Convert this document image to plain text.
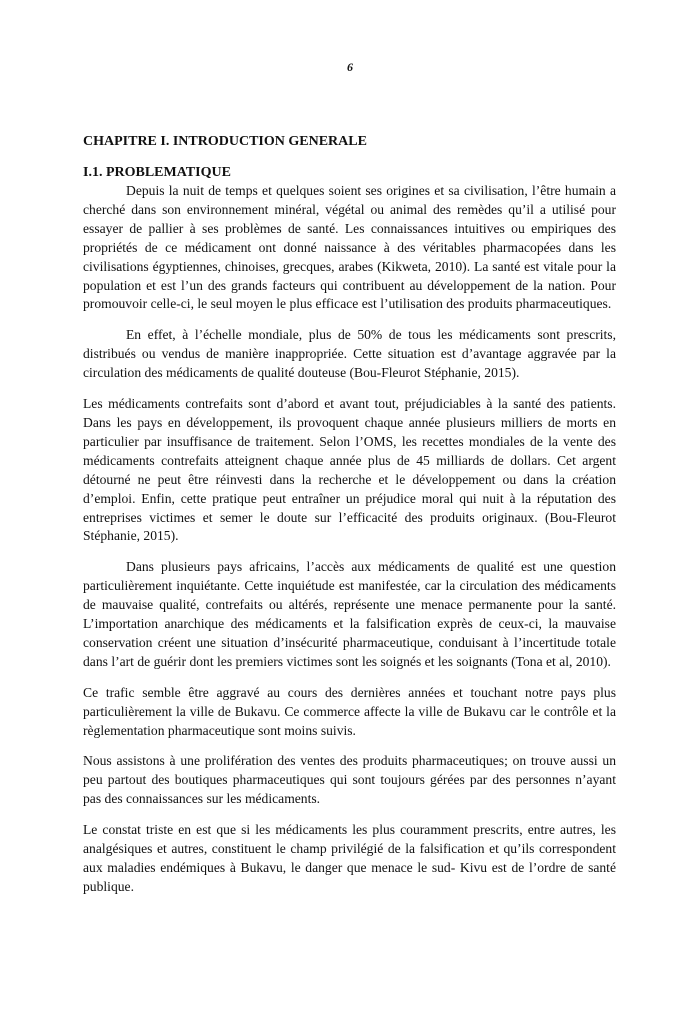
6
CHAPITRE I. INTRODUCTION GENERALE
I.1. PROBLEMATIQUE

Depuis la nuit de temps et quelques soient ses origines et sa civilisation, l’être humain a cherché dans son environnement minéral, végétal ou animal des remèdes qu’il a utilisé pour essayer de pallier à ses problèmes de santé. Les connaissances intuitives ou empiriques des propriétés de ce médicament ont donné naissance à des véritables pharmacopées dans les civilisations égyptiennes, chinoises, grecques, arabes (Kikweta, 2010). La santé est vitale pour la population et est l’un des grands facteurs qui contribuent au développement de la nation. Pour promouvoir celle-ci, le seul moyen le plus efficace est l’utilisation des produits pharmaceutiques.

En effet, à l’échelle mondiale, plus de 50% de tous les médicaments sont prescrits, distribués ou vendus de manière inappropriée. Cette situation est d’avantage aggravée par la circulation des médicaments de qualité douteuse (Bou-Fleurot Stéphanie, 2015).

Les médicaments contrefaits sont d’abord et avant tout, préjudiciables à la santé des patients. Dans les pays en développement, ils provoquent chaque année plusieurs milliers de morts en particulier par insuffisance de traitement. Selon l’OMS, les recettes mondiales de la vente des médicaments contrefaits atteignent chaque année plus de 45 milliards de dollars. Cet argent détourné ne peut être réinvesti dans la recherche et le développement ou dans la création d’emploi. Enfin, cette pratique peut entraîner un préjudice moral qui nuit à la réputation des entreprises victimes et semer le doute sur l’efficacité des produits originaux. (Bou-Fleurot Stéphanie, 2015).

Dans plusieurs pays africains, l’accès aux médicaments de qualité est une question particulièrement inquiétante. Cette inquiétude est manifestée, car la circulation des médicaments de mauvaise qualité, contrefaits ou altérés, représente une menace permanente pour la santé. L’importation anarchique des médicaments et la falsification exprès de ceux-ci, la mauvaise conservation créent une situation d’insécurité pharmaceutique, conduisant à l’incertitude totale dans l’art de guérir dont les premiers victimes sont les soignés et les soignants (Tona et al, 2010).

Ce trafic semble être aggravé au cours des dernières années et touchant notre pays plus particulièrement la ville de Bukavu. Ce commerce affecte la ville de Bukavu car le contrôle et la règlementation pharmaceutique sont moins suivis.

Nous assistons à une prolifération des ventes des produits pharmaceutiques; on trouve aussi un peu partout des boutiques pharmaceutiques qui sont toujours gérées par des personnes n’ayant pas des connaissances sur les médicaments.

Le constat triste en est que si les médicaments les plus couramment prescrits, entre autres, les analgésiques et autres, constituent le champ privilégié de la falsification et qu’ils correspondent aux maladies endémiques à Bukavu, le danger que menace le sud- Kivu est de l’ordre de santé publique.
